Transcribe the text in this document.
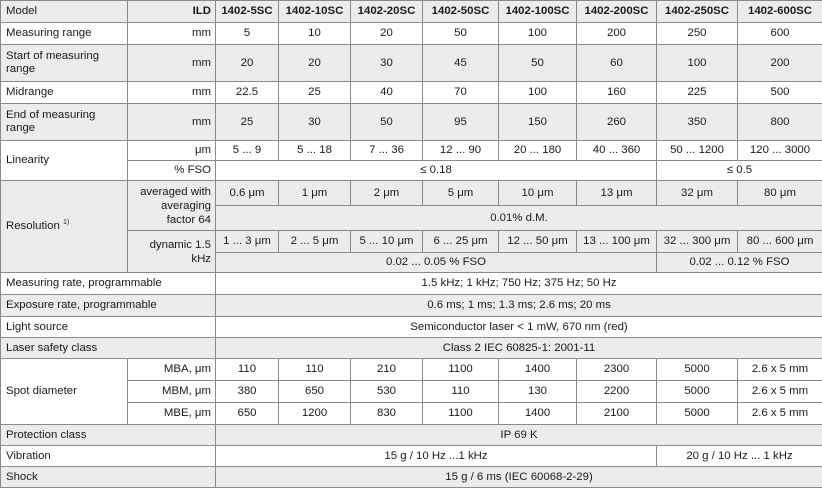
Model	ILD	1402-5SC	1402-10SC	1402-20SC	1402-50SC	1402-100SC	1402-200SC	1402-250SC	1402-600SC
Measuring range	mm	5	10	20	50	100	200	250	600
Start of measuring range	mm	20	20	30	45	50	60	100	200
Midrange	mm	22.5	25	40	70	100	160	225	500
End of measuring range	mm	25	30	50	95	150	260	350	800
Linearity	μm	5 ... 9	5 ... 18	7 ... 36	12 ... 90	20 ... 180	40 ... 360	50 ... 1200	120 ... 3000
	% FSO	≤ 0.18						≤ 0.5	
Resolution $^{1)}$	averaged with averaging factor 64	0.6 μm	1 μm	2 μm	5 μm	10 μm	13 μm	32 μm	80 μm
		0.01% d.M.							
	dynamic 1.5 kHz	1 ... 3 μm	2 ... 5 μm	5 ... 10 μm	6 ... 25 μm	12 ... 50 μm	13 ... 100 μm	32 ... 300 μm	80 ... 600 μm
		0.02 ... 0.05 % FSO						0.02 ... 0.12 % FSO	
Measuring rate, programmable		1.5 kHz; 1 kHz; 750 Hz; 375 Hz; 50 Hz							
Exposure rate, programmable		0.6 ms; 1 ms; 1.3 ms; 2.6 ms; 20 ms							
Light source		Semiconductor laser < 1 mW, 670 nm (red)							
Laser safety class		Class 2 IEC 60825-1: 2001-11							
Spot diameter	MBA, μm	110	110	210	1100	1400	2300	5000	2.6 x 5 mm
	MBM, μm	380	650	530	110	130	2200	5000	2.6 x 5 mm
	MBE, μm	650	1200	830	1100	1400	2100	5000	2.6 x 5 mm
Protection class		IP 69 K							
Vibration		15 g / 10 Hz ...1 kHz						20 g / 10 Hz ... 1 kHz	
Shock		15 g / 6 ms (IEC 60068-2-29)							
